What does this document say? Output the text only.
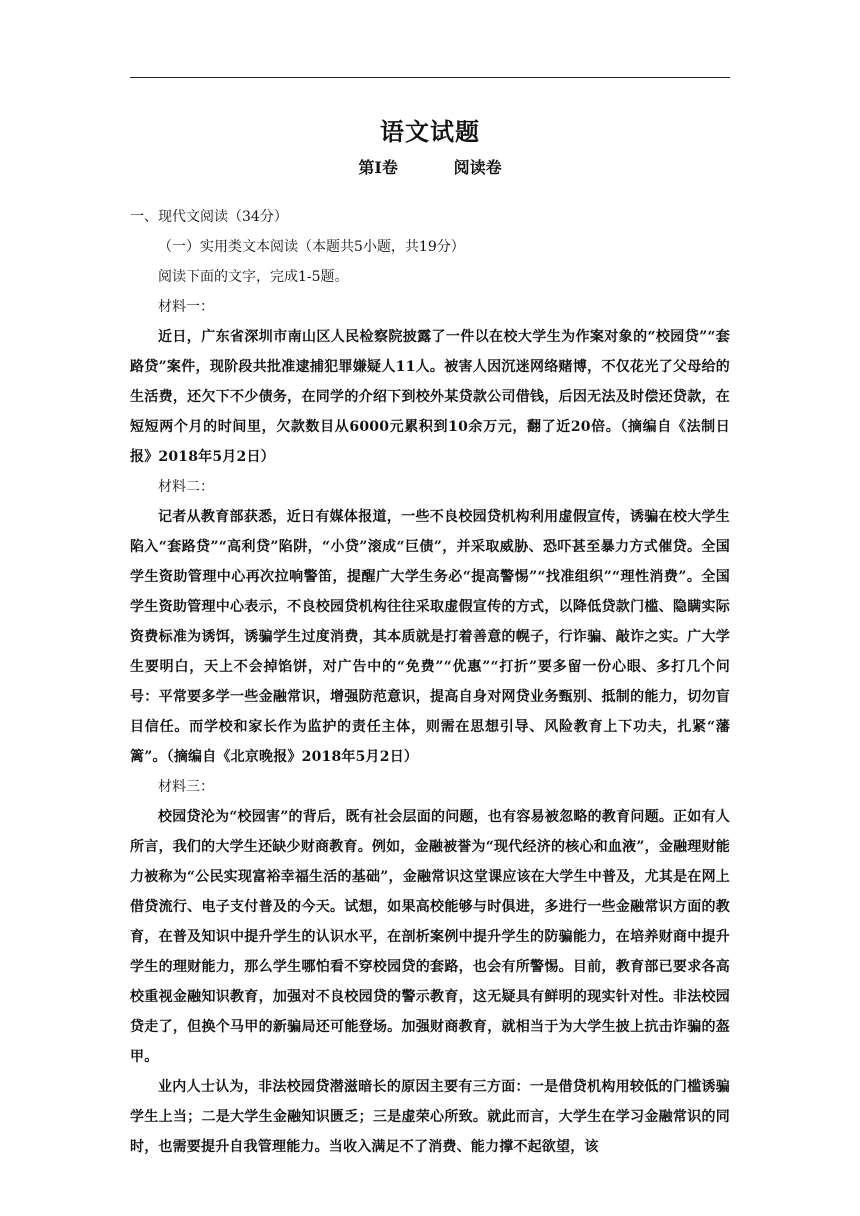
语文试题
第Ⅰ卷          阅读卷

一、现代文阅读（34分）

（一）实用类文本阅读（本题共5小题，共19分）

阅读下面的文字，完成1-5题。

材料一：

近日，广东省深圳市南山区人民检察院披露了一件以在校大学生为作案对象的“校园贷”“套路贷”案件，现阶段共批准逮捕犯罪嫌疑人11人。被害人因沉迷网络赌博，不仅花光了父母给的生活费，还欠下不少债务，在同学的介绍下到校外某贷款公司借钱，后因无法及时偿还贷款，在短短两个月的时间里，欠款数目从6000元累积到10余万元，翻了近20倍。（摘编自《法制日报》2018年5月2日）

材料二：

记者从教育部获悉，近日有媒体报道，一些不良校园贷机构利用虚假宣传，诱骗在校大学生陷入“套路贷”“高利贷”陷阱，“小贷”滚成“巨债”，并采取威胁、恐吓甚至暴力方式催贷。全国学生资助管理中心再次拉响警笛，提醒广大学生务必“提高警惕”“找准组织”“理性消费”。全国学生资助管理中心表示，不良校园贷机构往往采取虚假宣传的方式，以降低贷款门槛、隐瞒实际资费标准为诱饵，诱骗学生过度消费，其本质就是打着善意的幌子，行诈骗、敲诈之实。广大学生要明白，天上不会掉馅饼，对广告中的“免费”“优惠”“打折”要多留一份心眼、多打几个问号：平常要多学一些金融常识，增强防范意识，提高自身对网贷业务甄别、抵制的能力，切勿盲目信任。而学校和家长作为监护的责任主体，则需在思想引导、风险教育上下功夫，扎紧“藩篱”。（摘编自《北京晚报》2018年5月2日）

材料三：

校园贷沦为“校园害”的背后，既有社会层面的问题，也有容易被忽略的教育问题。正如有人所言，我们的大学生还缺少财商教育。例如，金融被誉为“现代经济的核心和血液”，金融理财能力被称为“公民实现富裕幸福生活的基础”，金融常识这堂课应该在大学生中普及，尤其是在网上借贷流行、电子支付普及的今天。试想，如果高校能够与时俱进，多进行一些金融常识方面的教育，在普及知识中提升学生的认识水平，在剖析案例中提升学生的防骗能力，在培养财商中提升学生的理财能力，那么学生哪怕看不穿校园贷的套路，也会有所警惕。目前，教育部已要求各高校重视金融知识教育，加强对不良校园贷的警示教育，这无疑具有鲜明的现实针对性。非法校园贷走了，但换个马甲的新骗局还可能登场。加强财商教育，就相当于为大学生披上抗击诈骗的盔甲。

业内人士认为，非法校园贷潜滋暗长的原因主要有三方面：一是借贷机构用较低的门槛诱骗学生上当；二是大学生金融知识匮乏；三是虚荣心所致。就此而言，大学生在学习金融常识的同时，也需要提升自我管理能力。当收入满足不了消费、能力撑不起欲望，该
